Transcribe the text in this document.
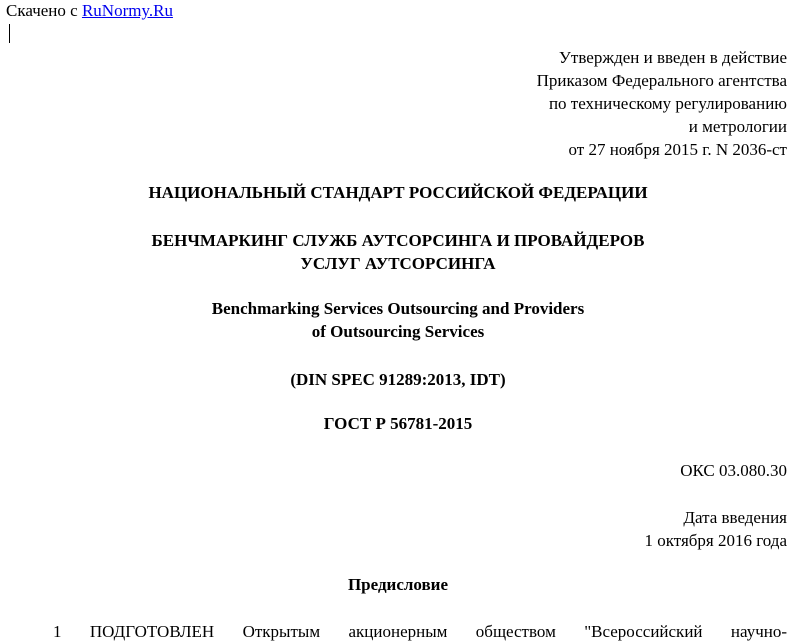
Скачено с RuNormy.Ru
Утвержден и введен в действие
Приказом Федерального агентства
по техническому регулированию
и метрологии
от 27 ноября 2015 г. N 2036-ст
НАЦИОНАЛЬНЫЙ СТАНДАРТ РОССИЙСКОЙ ФЕДЕРАЦИИ
БЕНЧМАРКИНГ СЛУЖБ АУТСОРСИНГА И ПРОВАЙДЕРОВ
УСЛУГ АУТСОРСИНГА
Benchmarking Services Outsourcing and Providers
of Outsourcing Services
(DIN SPEC 91289:2013, IDT)
ГОСТ Р 56781-2015
ОКС 03.080.30
Дата введения
1 октября 2016 года
Предисловие
1 ПОДГОТОВЛЕН Открытым акционерным обществом "Всероссийский научно-
